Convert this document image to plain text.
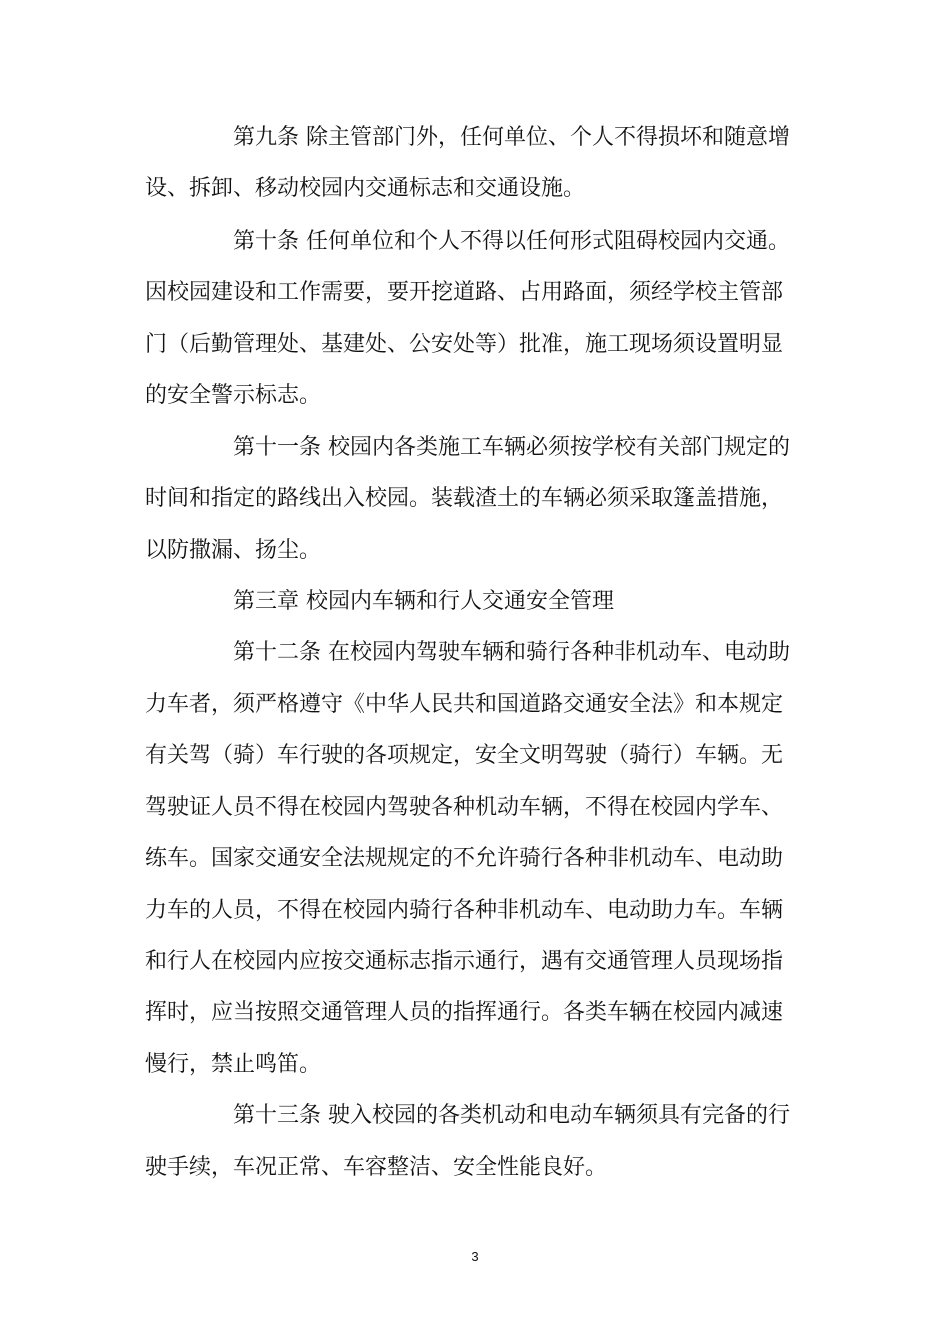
第九条 除主管部门外，任何单位、个人不得损坏和随意增
设、拆卸、移动校园内交通标志和交通设施。
第十条 任何单位和个人不得以任何形式阻碍校园内交通。
因校园建设和工作需要，要开挖道路、占用路面，须经学校主管部
门（后勤管理处、基建处、公安处等）批准，施工现场须设置明显
的安全警示标志。
第十一条 校园内各类施工车辆必须按学校有关部门规定的
时间和指定的路线出入校园。装载渣土的车辆必须采取篷盖措施，
以防撒漏、扬尘。
第三章 校园内车辆和行人交通安全管理
第十二条 在校园内驾驶车辆和骑行各种非机动车、电动助
力车者，须严格遵守《中华人民共和国道路交通安全法》和本规定
有关驾（骑）车行驶的各项规定，安全文明驾驶（骑行）车辆。无
驾驶证人员不得在校园内驾驶各种机动车辆，不得在校园内学车、
练车。国家交通安全法规规定的不允许骑行各种非机动车、电动助
力车的人员，不得在校园内骑行各种非机动车、电动助力车。车辆
和行人在校园内应按交通标志指示通行，遇有交通管理人员现场指
挥时，应当按照交通管理人员的指挥通行。各类车辆在校园内减速
慢行，禁止鸣笛。
第十三条 驶入校园的各类机动和电动车辆须具有完备的行
驶手续，车况正常、车容整洁、安全性能良好。
3
